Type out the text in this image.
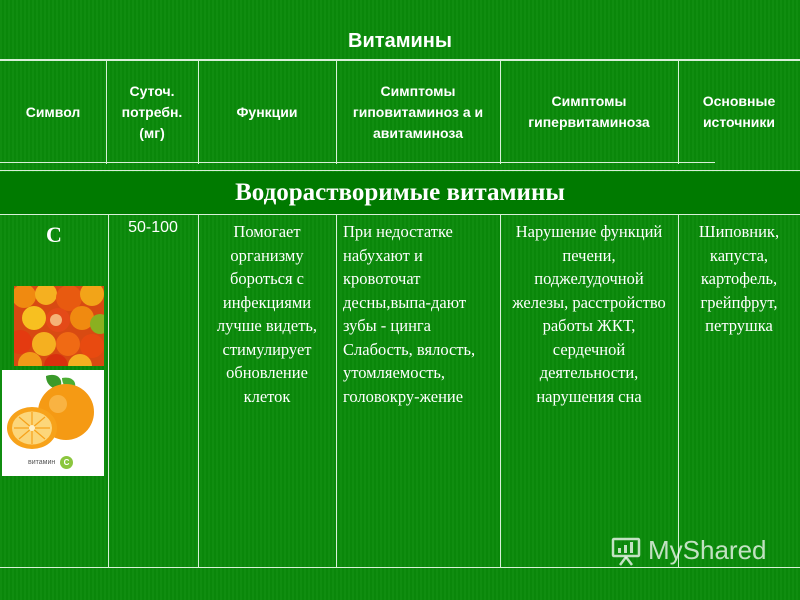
Витамины
Символ
Суточ. потребн. (мг)
Функции
Симптомы гиповитаминоз а и авитаминоза
Симптомы гипервитаминоза
Основные источники
Водорастворимые витамины
С	50-100
витамин	С
Помогает организму бороться с инфекциями лучше видеть, стимулирует обновление клеток
При недостатке набухают и кровоточат десны,выпа-дают зубы - цинга Слабость, вялость, утомляемость, головокру-жение
Нарушение функций печени, поджелудочной железы, расстройство работы ЖКТ, сердечной деятельности, нарушения сна
Шиповник, капуста, картофель, грейпфрут, петрушка
MyShared
